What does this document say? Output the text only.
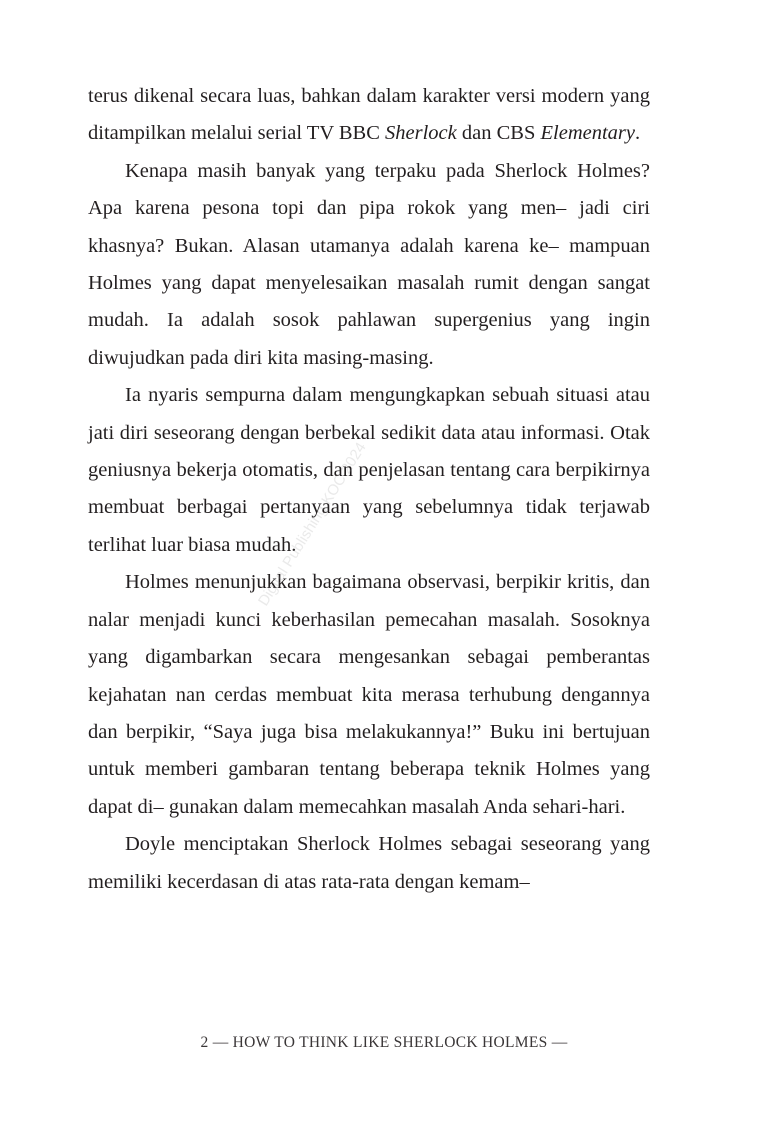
terus dikenal secara luas, bahkan dalam karakter versi modern yang ditampilkan melalui serial TV BBC Sherlock dan CBS Elementary.

Kenapa masih banyak yang terpaku pada Sherlock Holmes? Apa karena pesona topi dan pipa rokok yang men– jadi ciri khasnya? Bukan. Alasan utamanya adalah karena ke– mampuan Holmes yang dapat menyelesaikan masalah rumit dengan sangat mudah. Ia adalah sosok pahlawan supergenius yang ingin diwujudkan pada diri kita masing-masing.

Ia nyaris sempurna dalam mengungkapkan sebuah situasi atau jati diri seseorang dengan berbekal sedikit data atau informasi. Otak geniusnya bekerja otomatis, dan penjelasan tentang cara berpikirnya membuat berbagai pertanyaan yang sebelumnya tidak terjawab terlihat luar biasa mudah.

Holmes menunjukkan bagaimana observasi, berpikir kritis, dan nalar menjadi kunci keberhasilan pemecahan masalah. Sosoknya yang digambarkan secara mengesankan sebagai pemberantas kejahatan nan cerdas membuat kita merasa terhubung dengannya dan berpikir, “Saya juga bisa melakukannya!” Buku ini bertujuan untuk memberi gambaran tentang beberapa teknik Holmes yang dapat di– gunakan dalam memecahkan masalah Anda sehari-hari.

Doyle menciptakan Sherlock Holmes sebagai seseorang yang memiliki kecerdasan di atas rata-rata dengan kemam–

Digital Publishing KOC 2024
2 — HOW TO THINK LIKE SHERLOCK HOLMES —
